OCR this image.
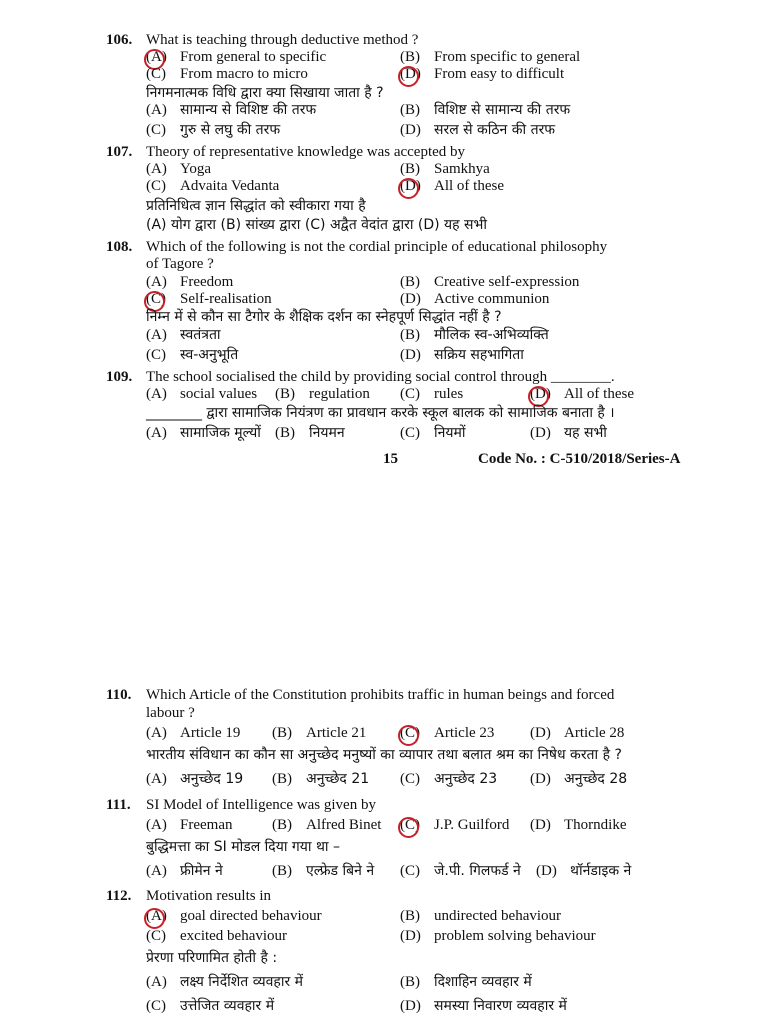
106. What is teaching through deductive method ?
(A) From general to specific	(B) From specific to general
(C) From macro to micro	(D) From easy to difficult
निगमनात्मक विधि द्वारा क्या सिखाया जाता है ?
(A) सामान्य से विशिष्ट की तरफ	(B) विशिष्ट से सामान्य की तरफ
(C) गुरु से लघु की तरफ	(D) सरल से कठिन की तरफ
107. Theory of representative knowledge was accepted by
(A) Yoga	(B) Samkhya
(C) Advaita Vedanta	(D) All of these
प्रतिनिधित्व ज्ञान सिद्धांत को स्वीकारा गया है
(A) योग द्वारा (B) सांख्य द्वारा (C) अद्वैत वेदांत द्वारा (D) यह सभी
108. Which of the following is not the cordial principle of educational philosophy
of Tagore ?
(A) Freedom	(B) Creative self-expression
(C) Self-realisation	(D) Active communion
निम्न में से कौन सा टैगोर के शैक्षिक दर्शन का स्नेहपूर्ण सिद्धांत नहीं है ?
(A) स्वतंत्रता	(B) मौलिक स्व-अभिव्यक्ति
(C) स्व-अनुभूति	(D) सक्रिय सहभागिता
109. The school socialised the child by providing social control through ________.
(A) social values (B) regulation (C) rules	(D) All of these
________ द्वारा सामाजिक नियंत्रण का प्रावधान करके स्कूल बालक को सामाजिक बनाता है ।
(A) सामाजिक मूल्यों (B) नियमन	(C) नियमों	(D) यह सभी
15	Code No. : C-510/2018/Series-A
110. Which Article of the Constitution prohibits traffic in human beings and forced
labour ?
(A) Article 19 (B) Article 21 (C) Article 23 (D) Article 28
भारतीय संविधान का कौन सा अनुच्छेद मनुष्यों का व्यापार तथा बलात श्रम का निषेध करता है ?
(A) अनुच्छेद 19 (B) अनुच्छेद 21 (C) अनुच्छेद 23 (D) अनुच्छेद 28
111. SI Model of Intelligence was given by
(A) Freeman	(B) Alfred Binet (C) J.P. Guilford (D) Thorndike
बुद्धिमत्ता का SI मोडल दिया गया था –
(A) फ्रीमेन ने	(B) एल्फ्रेड बिने ने (C) जे.पी. गिलफर्ड ने (D) थॉर्नडाइक ने
112. Motivation results in
(A) goal directed behaviour	(B) undirected behaviour
(C) excited behaviour	(D) problem solving behaviour
प्रेरणा परिणामित होती है :
(A) लक्ष्य निर्देशित व्यवहार में	(B) दिशाहिन व्यवहार में
(C) उत्तेजित व्यवहार में	(D) समस्या निवारण व्यवहार में
